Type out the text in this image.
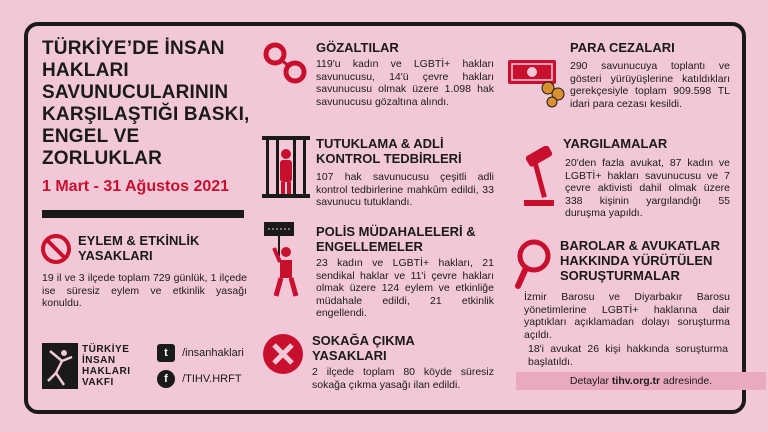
TÜRKİYE’DE İNSAN HAKLARI SAVUNUCULARININ KARŞILAŞTIĞI BASKI, ENGEL VE ZORLUKLAR
1 Mart - 31 Ağustos 2021
EYLEM & ETKİNLİK YASAKLARI
19 il ve 3 ilçede toplam 729 günlük, 1 ilçede ise süresiz eylem ve etkinlik yasağı konuldu.
TÜRKİYE
İNSAN
HAKLARI
VAKFI
t /insanhaklari
f /TIHV.HRFT
GÖZALTILAR
119'u kadın ve LGBTİ+ hakları savunucusu, 14'ü çevre hakları savunucusu olmak üzere 1.098 hak savunucusu gözaltına alındı.
TUTUKLAMA & ADLİ KONTROL TEDBİRLERİ
107 hak savunucusu çeşitli adli kontrol tedbirlerine mahkûm edildi, 33 savunucu tutuklandı.
POLİS MÜDAHALELERİ & ENGELLEMELER
23 kadın ve LGBTİ+ hakları, 21 sendikal haklar ve 11'i çevre hakları olmak üzere 124 eylem ve etkinliğe müdahale edildi, 21 etkinlik engellendi.
SOKAĞA ÇIKMA YASAKLARI
2 ilçede toplam 80 köyde süresiz sokağa çıkma yasağı ilan edildi.
PARA CEZALARI
290 savunucuya toplantı ve gösteri yürüyüşlerine katıldıkları gerekçesiyle toplam 909.598 TL idari para cezası kesildi.
YARGILAMALAR
20'den fazla avukat, 87 kadın ve LGBTİ+ hakları savunucusu ve 7 çevre aktivisti dahil olmak üzere 338 kişinin yargılandığı 55 duruşma yapıldı.
BAROLAR & AVUKATLAR HAKKINDA YÜRÜTÜLEN SORUŞTURMALAR
İzmir Barosu ve Diyarbakır Barosu yönetimlerine LGBTİ+ haklarına dair yaptıkları açıklamadan dolayı soruşturma açıldı.
18'i avukat 26 kişi hakkında soruşturma başlatıldı.
Detaylar tihv.org.tr adresinde.
